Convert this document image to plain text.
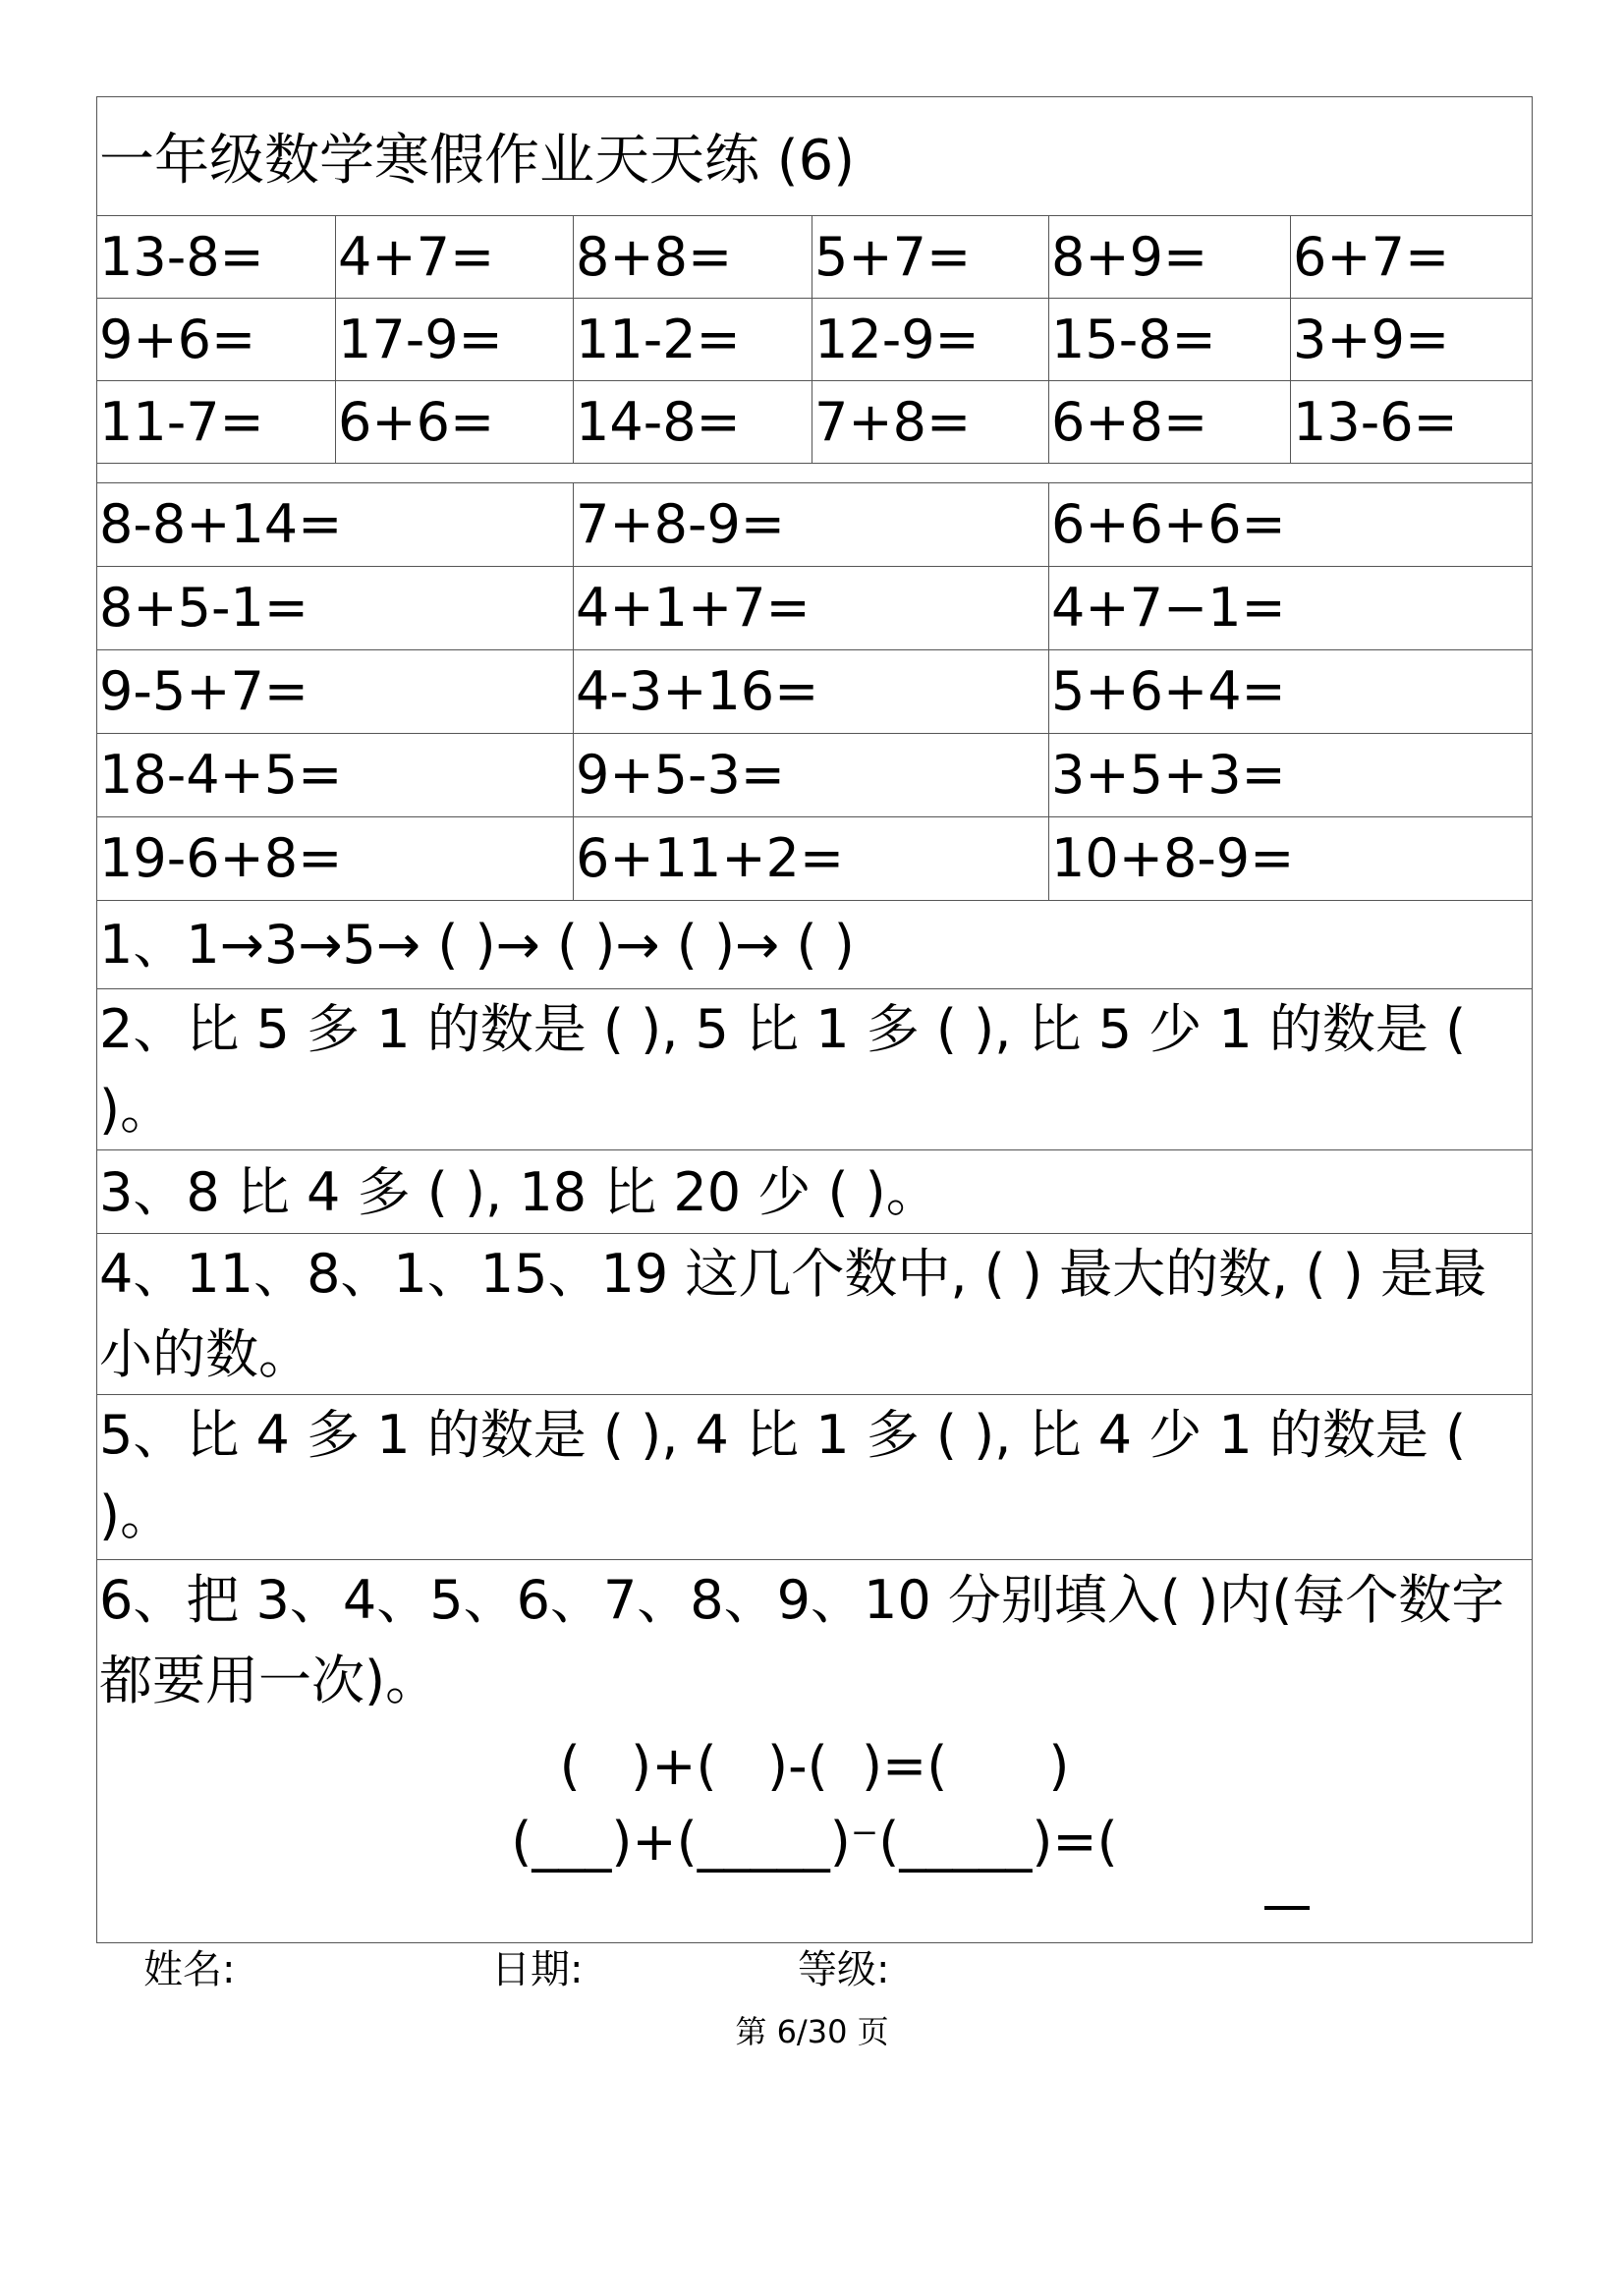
一年级数学寒假作业天天练 (6)
13-8=	4+7=	8+8=	5+7=	8+9=	6+7=
9+6=	17-9=	11-2=	12-9=	15-8=	3+9=
11-7=	6+6=	14-8=	7+8=	6+8=	13-6=
8-8+14=	7+8-9=	6+6+6=
8+5-1=	4+1+7=	4+7−1=
9-5+7=	4-3+16=	5+6+4=
18-4+5=	9+5-3=	3+5+3=
19-6+8=	6+11+2=	10+8-9=
1、1→3→5→ ( )→ ( )→ ( )→ ( )
2、比 5 多 1 的数是 ( ), 5 比 1 多 ( ), 比 5 少 1 的数是 ( )。
3、8 比 4 多 ( ), 18 比 20 少 ( )。
4、11、8、1、15、19 这几个数中, ( ) 最大的数, ( ) 是最小的数。
5、比 4 多 1 的数是 ( ), 4 比 1 多 ( ), 比 4 少 1 的数是 ( )。
6、把 3、4、5、6、7、8、9、10 分别填入( )内(每个数字都要用一次)。
(   )+(   )-(  )=(      )
(___)+(_____)⁻(_____)=(
姓名:	日期:	等级:
第 6/30 页
